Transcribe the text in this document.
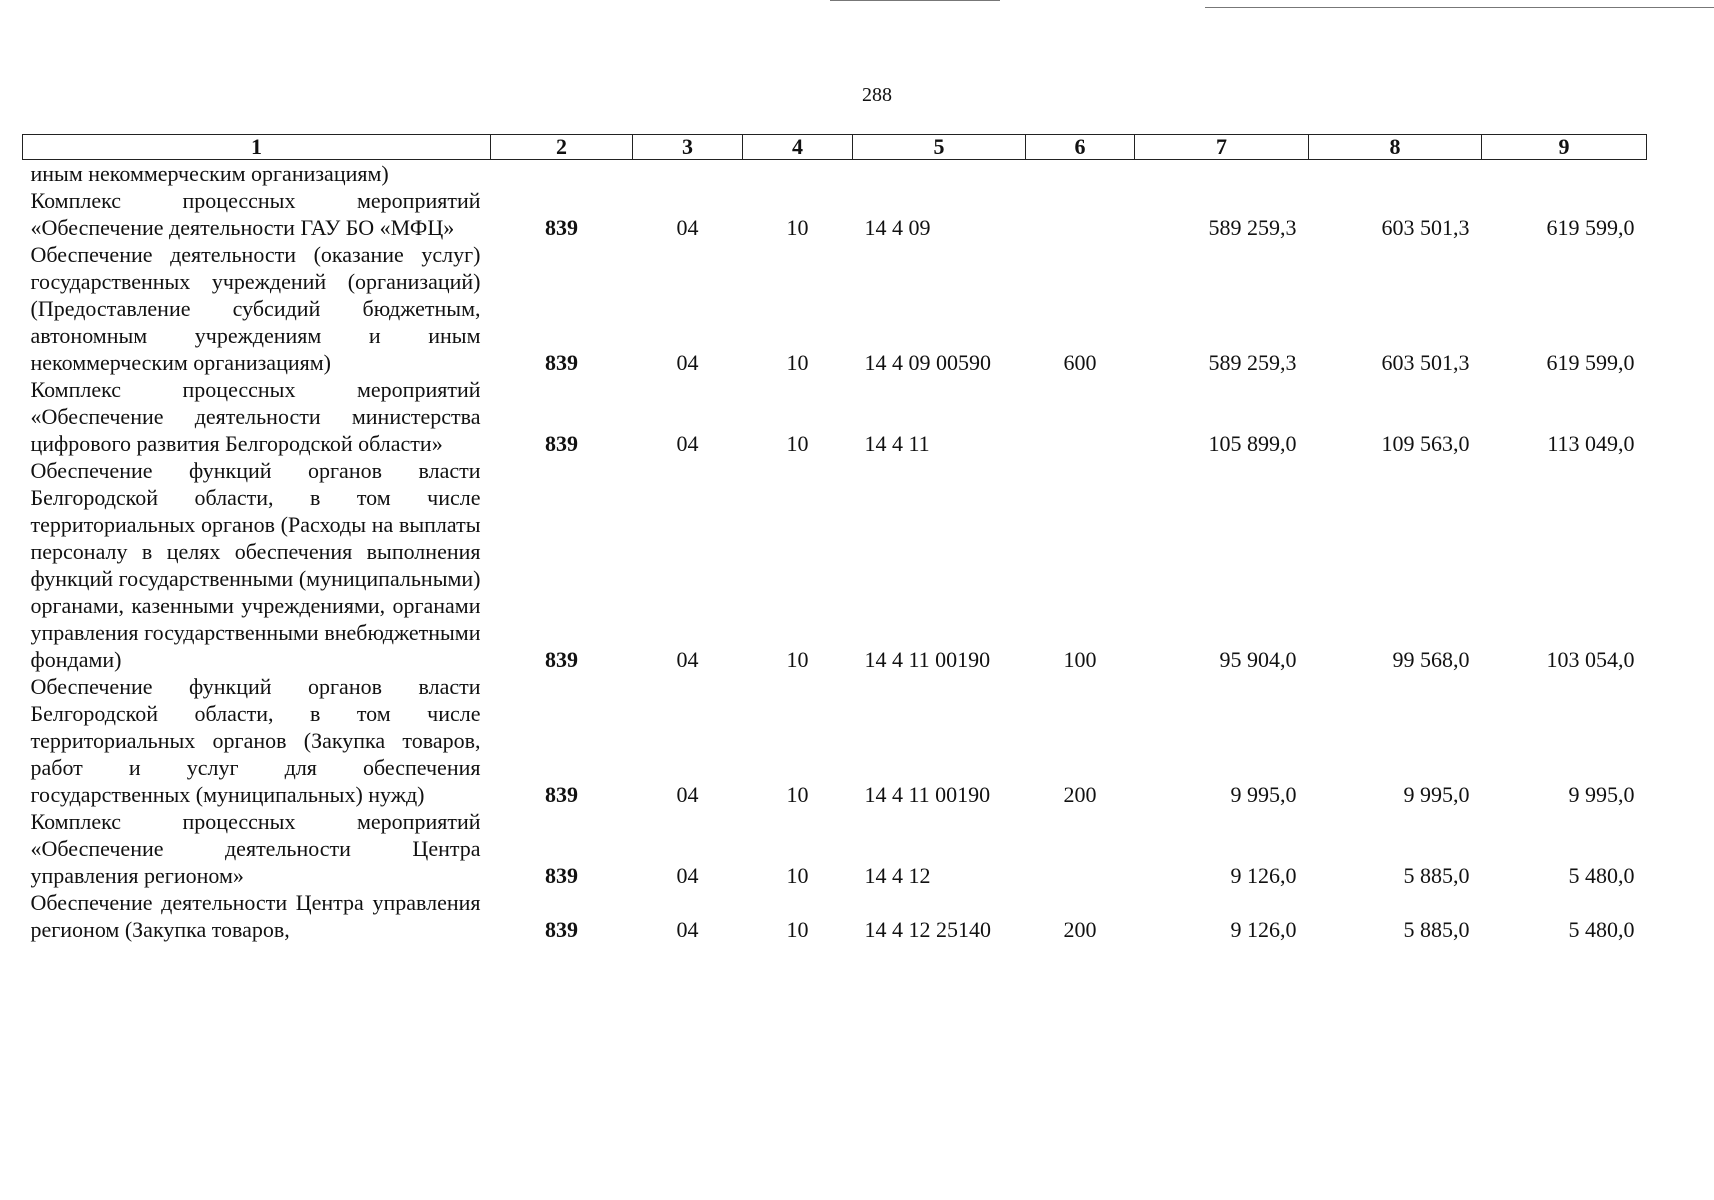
288
1	2	3	4	5	6	7	8	9
иным некоммерческим организациям)								
Комплекс процессных мероприятий «Обеспечение деятельности ГАУ БО «МФЦ»	839	04	10	14 4 09		589 259,3	603 501,3	619 599,0
Обеспечение деятельности (оказание услуг) государственных учреждений (организаций) (Предоставление субсидий бюджетным, автономным учреждениям и иным некоммерческим организациям)	839	04	10	14 4 09 00590	600	589 259,3	603 501,3	619 599,0
Комплекс процессных мероприятий «Обеспечение деятельности министерства цифрового развития Белгородской области»	839	04	10	14 4 11		105 899,0	109 563,0	113 049,0
Обеспечение функций органов власти Белгородской области, в том числе территориальных органов (Расходы на выплаты персоналу в целях обеспечения выполнения функций государственными (муниципальными) органами, казенными учреждениями, органами управления государственными внебюджетными фондами)	839	04	10	14 4 11 00190	100	95 904,0	99 568,0	103 054,0
Обеспечение функций органов власти Белгородской области, в том числе территориальных органов (Закупка товаров, работ и услуг для обеспечения государственных (муниципальных) нужд)	839	04	10	14 4 11 00190	200	9 995,0	9 995,0	9 995,0
Комплекс процессных мероприятий «Обеспечение деятельности Центра управления регионом»	839	04	10	14 4 12		9 126,0	5 885,0	5 480,0
Обеспечение деятельности Центра управления регионом (Закупка товаров,	839	04	10	14 4 12 25140	200	9 126,0	5 885,0	5 480,0
